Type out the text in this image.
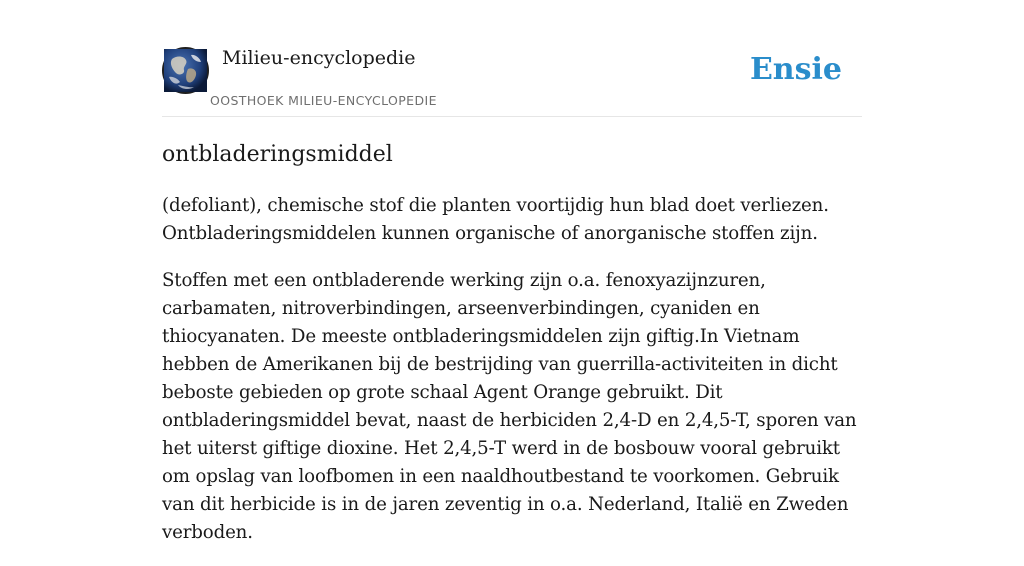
Milieu-encyclopedie
OOSTHOEK MILIEU-ENCYCLOPEDIE
Ensie
ontbladeringsmiddel

(defoliant), chemische stof die planten voortijdig hun blad doet verliezen. Ontbladeringsmiddelen kunnen organische of anorganische stoffen zijn.

Stoffen met een ontbladerende werking zijn o.a. fenoxyazijnzuren, carbamaten, nitroverbindingen, arseenverbindingen, cyaniden en thiocyanaten. De meeste ontbladeringsmiddelen zijn giftig.In Vietnam hebben de Amerikanen bij de bestrijding van guerrilla-activiteiten in dicht beboste gebieden op grote schaal Agent Orange gebruikt. Dit ontbladeringsmiddel bevat, naast de herbiciden 2,4-D en 2,4,5-T, sporen van het uiterst giftige dioxine. Het 2,4,5-T werd in de bosbouw vooral gebruikt om opslag van loofbomen in een naaldhoutbestand te voorkomen. Gebruik van dit herbicide is in de jaren zeventig in o.a. Nederland, Italië en Zweden verboden.
